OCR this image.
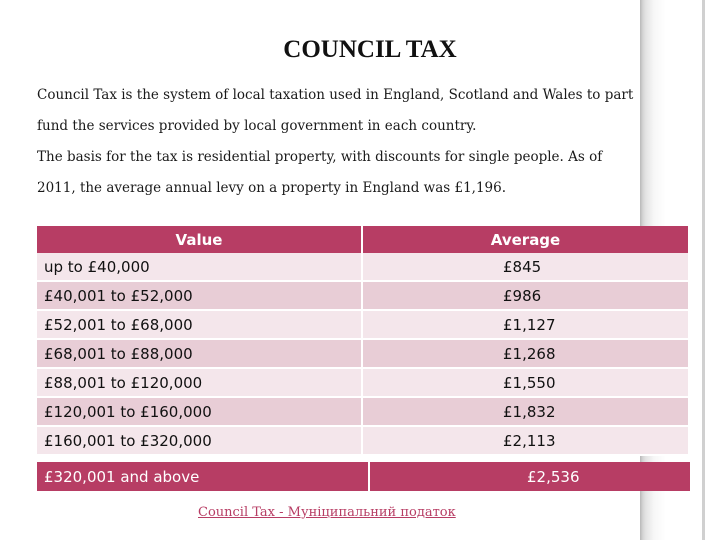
COUNCIL TAX

Council Tax is the system of local taxation used in England, Scotland and Wales to part fund the services provided by local government in each country.

The basis for the tax is residential property, with discounts for single people. As of 2011, the average annual levy on a property in England was £1,196.

Value	Average
up to £40,000	£845
£40,001 to £52,000	£986
£52,001 to £68,000	£1,127
£68,001 to £88,000	£1,268
£88,001 to £120,000	£1,550
£120,001 to £160,000	£1,832
£160,001 to £320,000	£2,113
£320,001 and above	£2,536
Council Tax - Муніципальний податок
